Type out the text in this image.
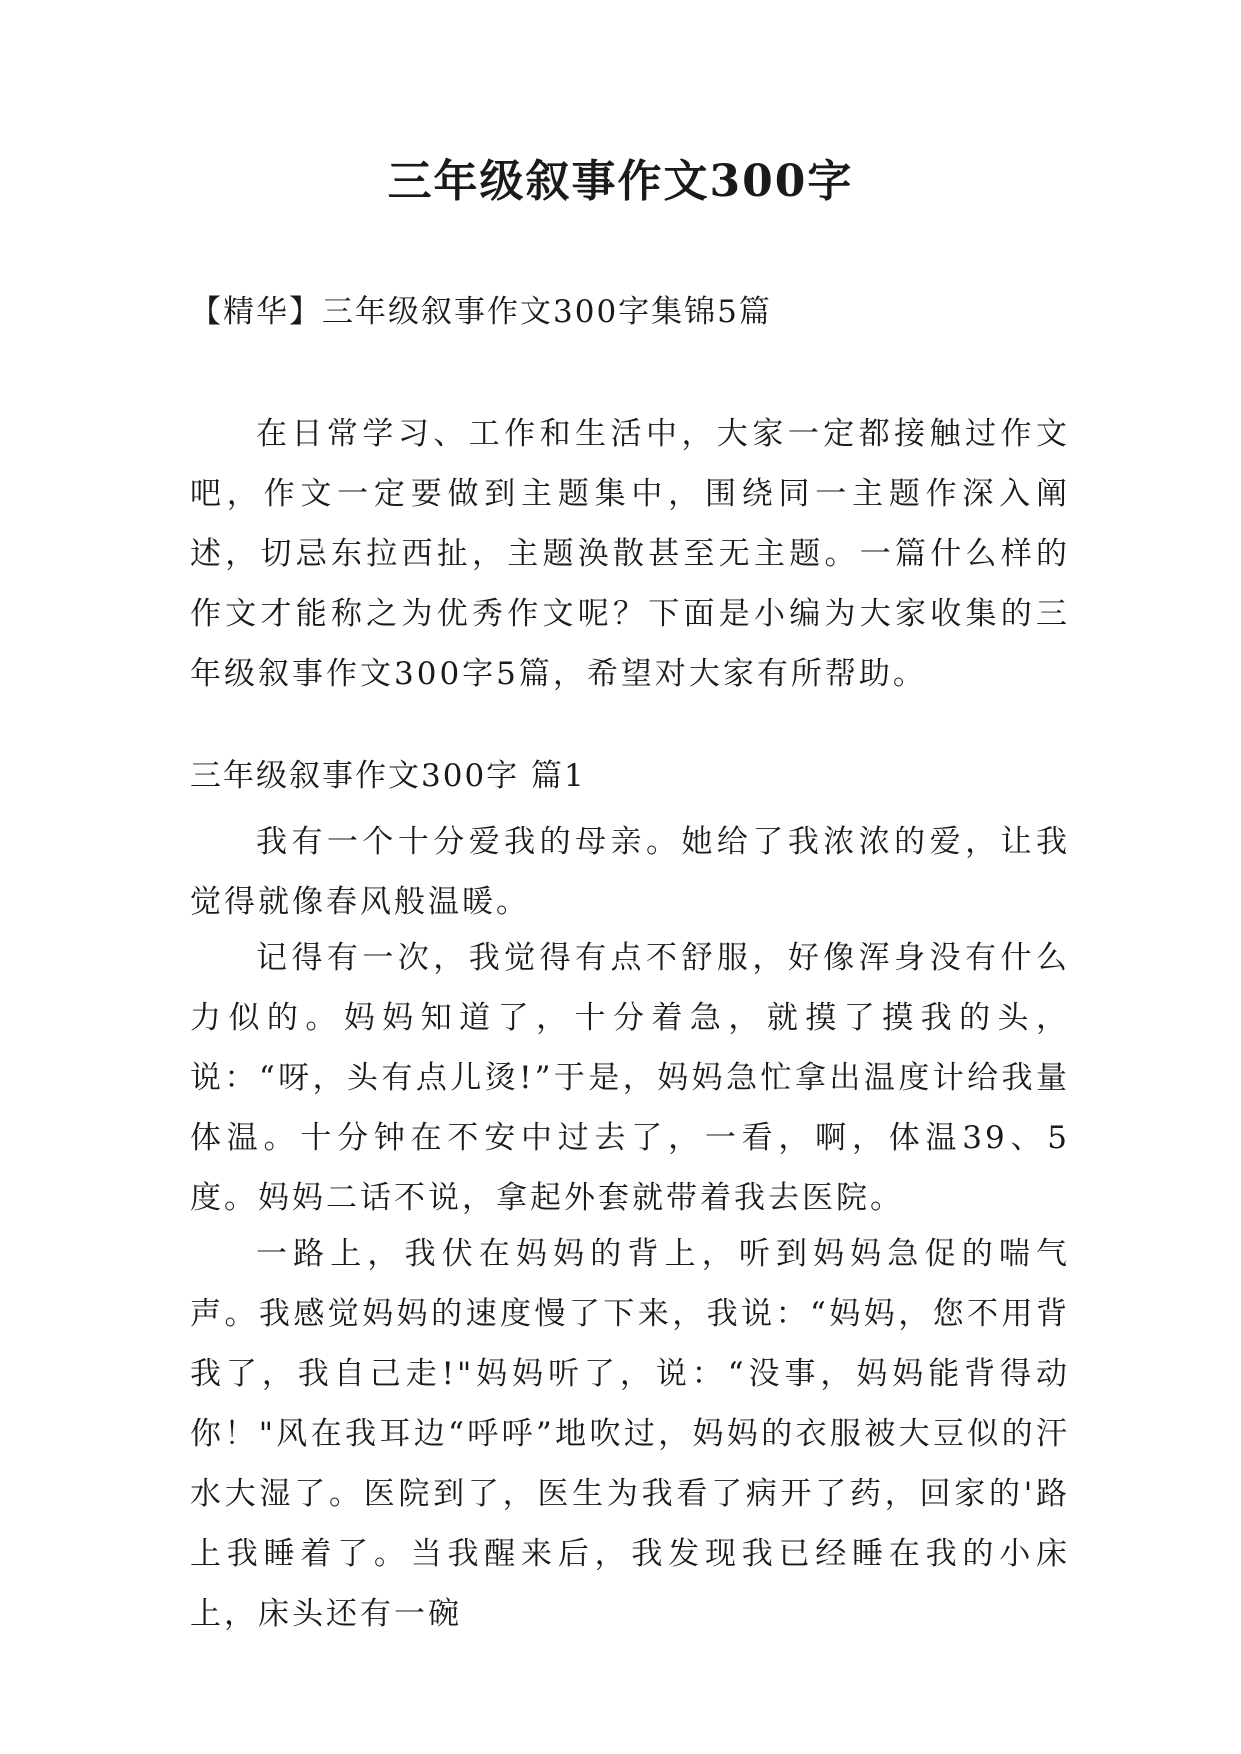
三年级叙事作文300字
【精华】三年级叙事作文300字集锦5篇
在日常学习、工作和生活中，大家一定都接触过作文吧，作文一定要做到主题集中，围绕同一主题作深入阐述，切忌东拉西扯，主题涣散甚至无主题。一篇什么样的作文才能称之为优秀作文呢？下面是小编为大家收集的三年级叙事作文300字5篇，希望对大家有所帮助。
三年级叙事作文300字 篇1
我有一个十分爱我的母亲。她给了我浓浓的爱，让我觉得就像春风般温暖。
记得有一次，我觉得有点不舒服，好像浑身没有什么力似的。妈妈知道了，十分着急，就摸了摸我的头，说：“呀，头有点儿烫!”于是，妈妈急忙拿出温度计给我量体温。十分钟在不安中过去了，一看，啊，体温39、5度。妈妈二话不说，拿起外套就带着我去医院。
一路上，我伏在妈妈的背上，听到妈妈急促的喘气声。我感觉妈妈的速度慢了下来，我说：“妈妈，您不用背我了，我自己走!"妈妈听了，说：“没事，妈妈能背得动你！"风在我耳边“呼呼”地吹过，妈妈的衣服被大豆似的汗水大湿了。医院到了，医生为我看了病开了药，回家的'路上我睡着了。当我醒来后，我发现我已经睡在我的小床上，床头还有一碗
